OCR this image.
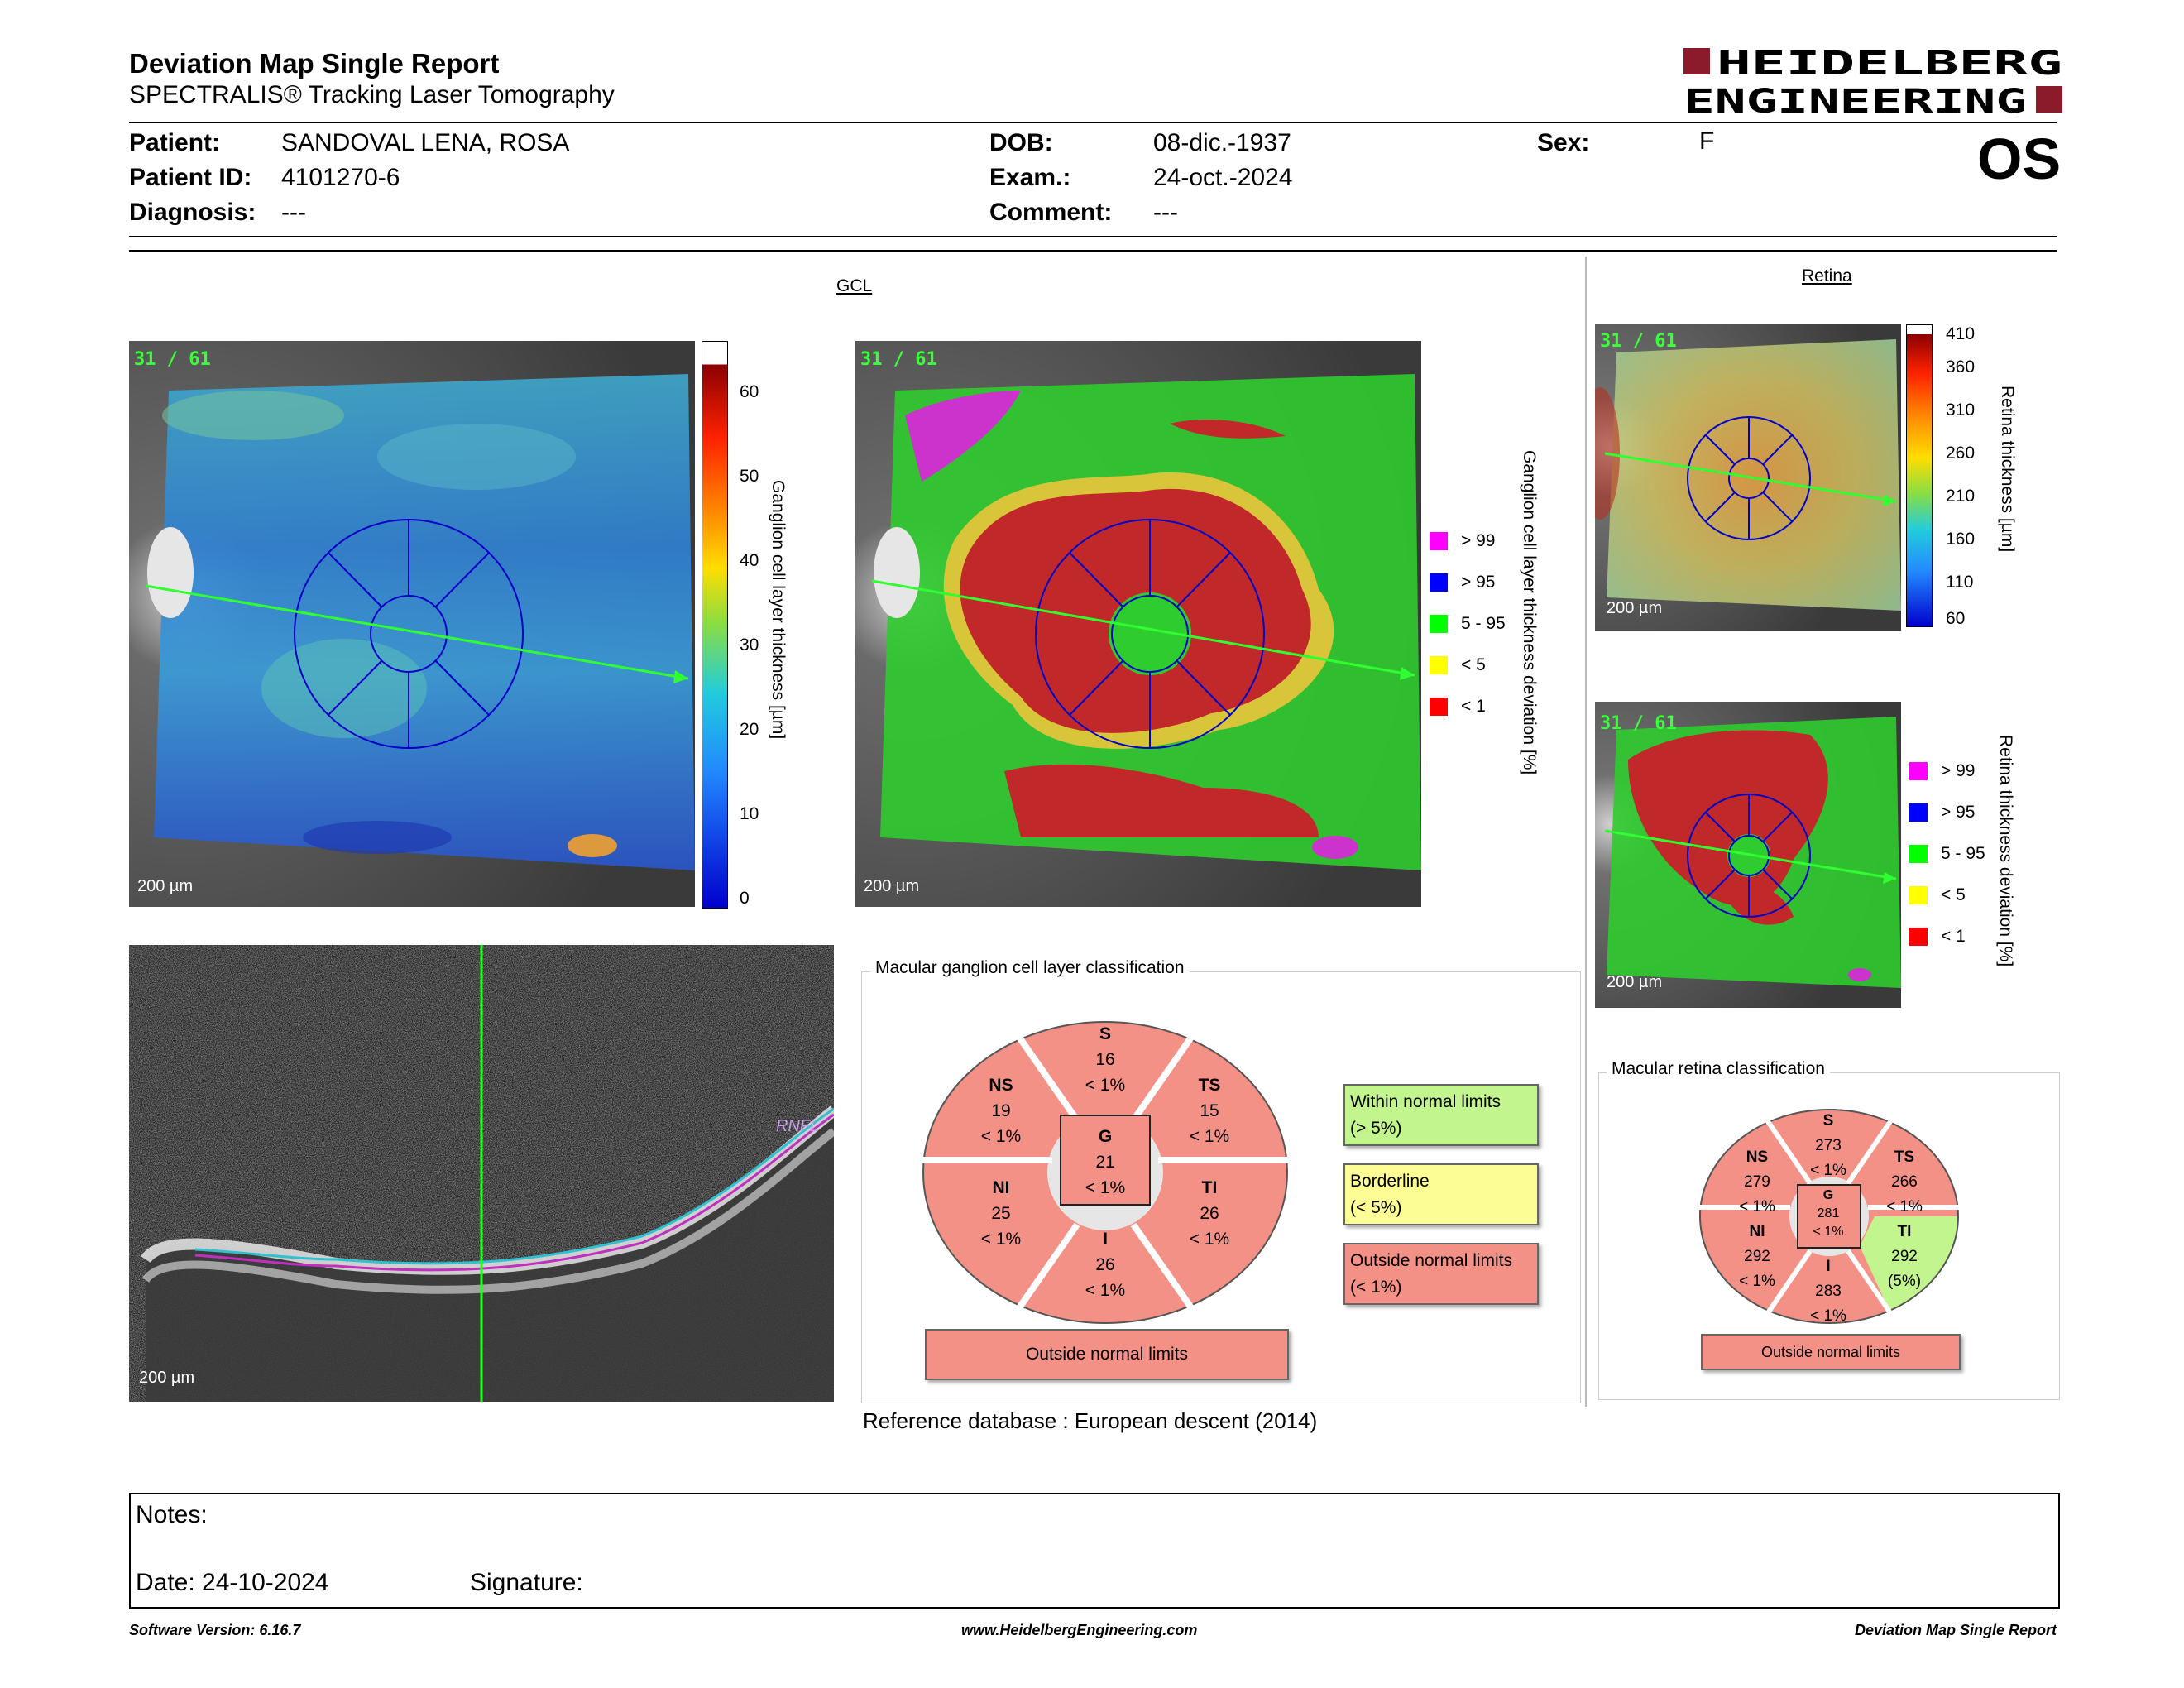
Deviation Map Single Report
SPECTRALIS® Tracking Laser Tomography
HEIDELBERG
ENGINEERING
Patient: SANDOVAL LENA, ROSA
Patient ID: 4101270-6
Diagnosis: ---
DOB:	08-dic.-1937
Exam.:	24-oct.-2024
Comment: ---
Sex:	F	OS
GCL
31 / 61
200 µm
60
50
40
30
20
10
0
Ganglion cell layer thickness [µm]
31 / 61
200 µm
> 99
> 95
5 - 95
< 5
< 1 Ganglion cell layer thickness deviation [%]
RNFL
200 µm
Macular ganglion cell layer classification
S
16
< 1%
NS
19
< 1%
TS
15
< 1%
G
21
< 1%
NI
25
< 1%
TI
26
< 1%
I
26
< 1%
Within normal limits
(> 5%)
Borderline
(< 5%)
Outside normal limits
(< 1%)
Outside normal limits
Reference database : European descent (2014)
Retina
31 / 61
200 µm
410
360
310
260
210
160
110
60
Retina thickness [µm]
31 / 61
200 µm
> 99
> 95
5 - 95
< 5
< 1 Retina thickness deviation [%]
Macular retina classification
S
273
< 1%
NS
279
< 1%
TS
266
< 1%
G
281
< 1%
NI
292
< 1%
TI
292
(5%)
I
283
< 1%
Outside normal limits
Notes:
Date: 24-10-2024	Signature:
Software Version: 6.16.7	www.HeidelbergEngineering.com	Deviation Map Single Report
